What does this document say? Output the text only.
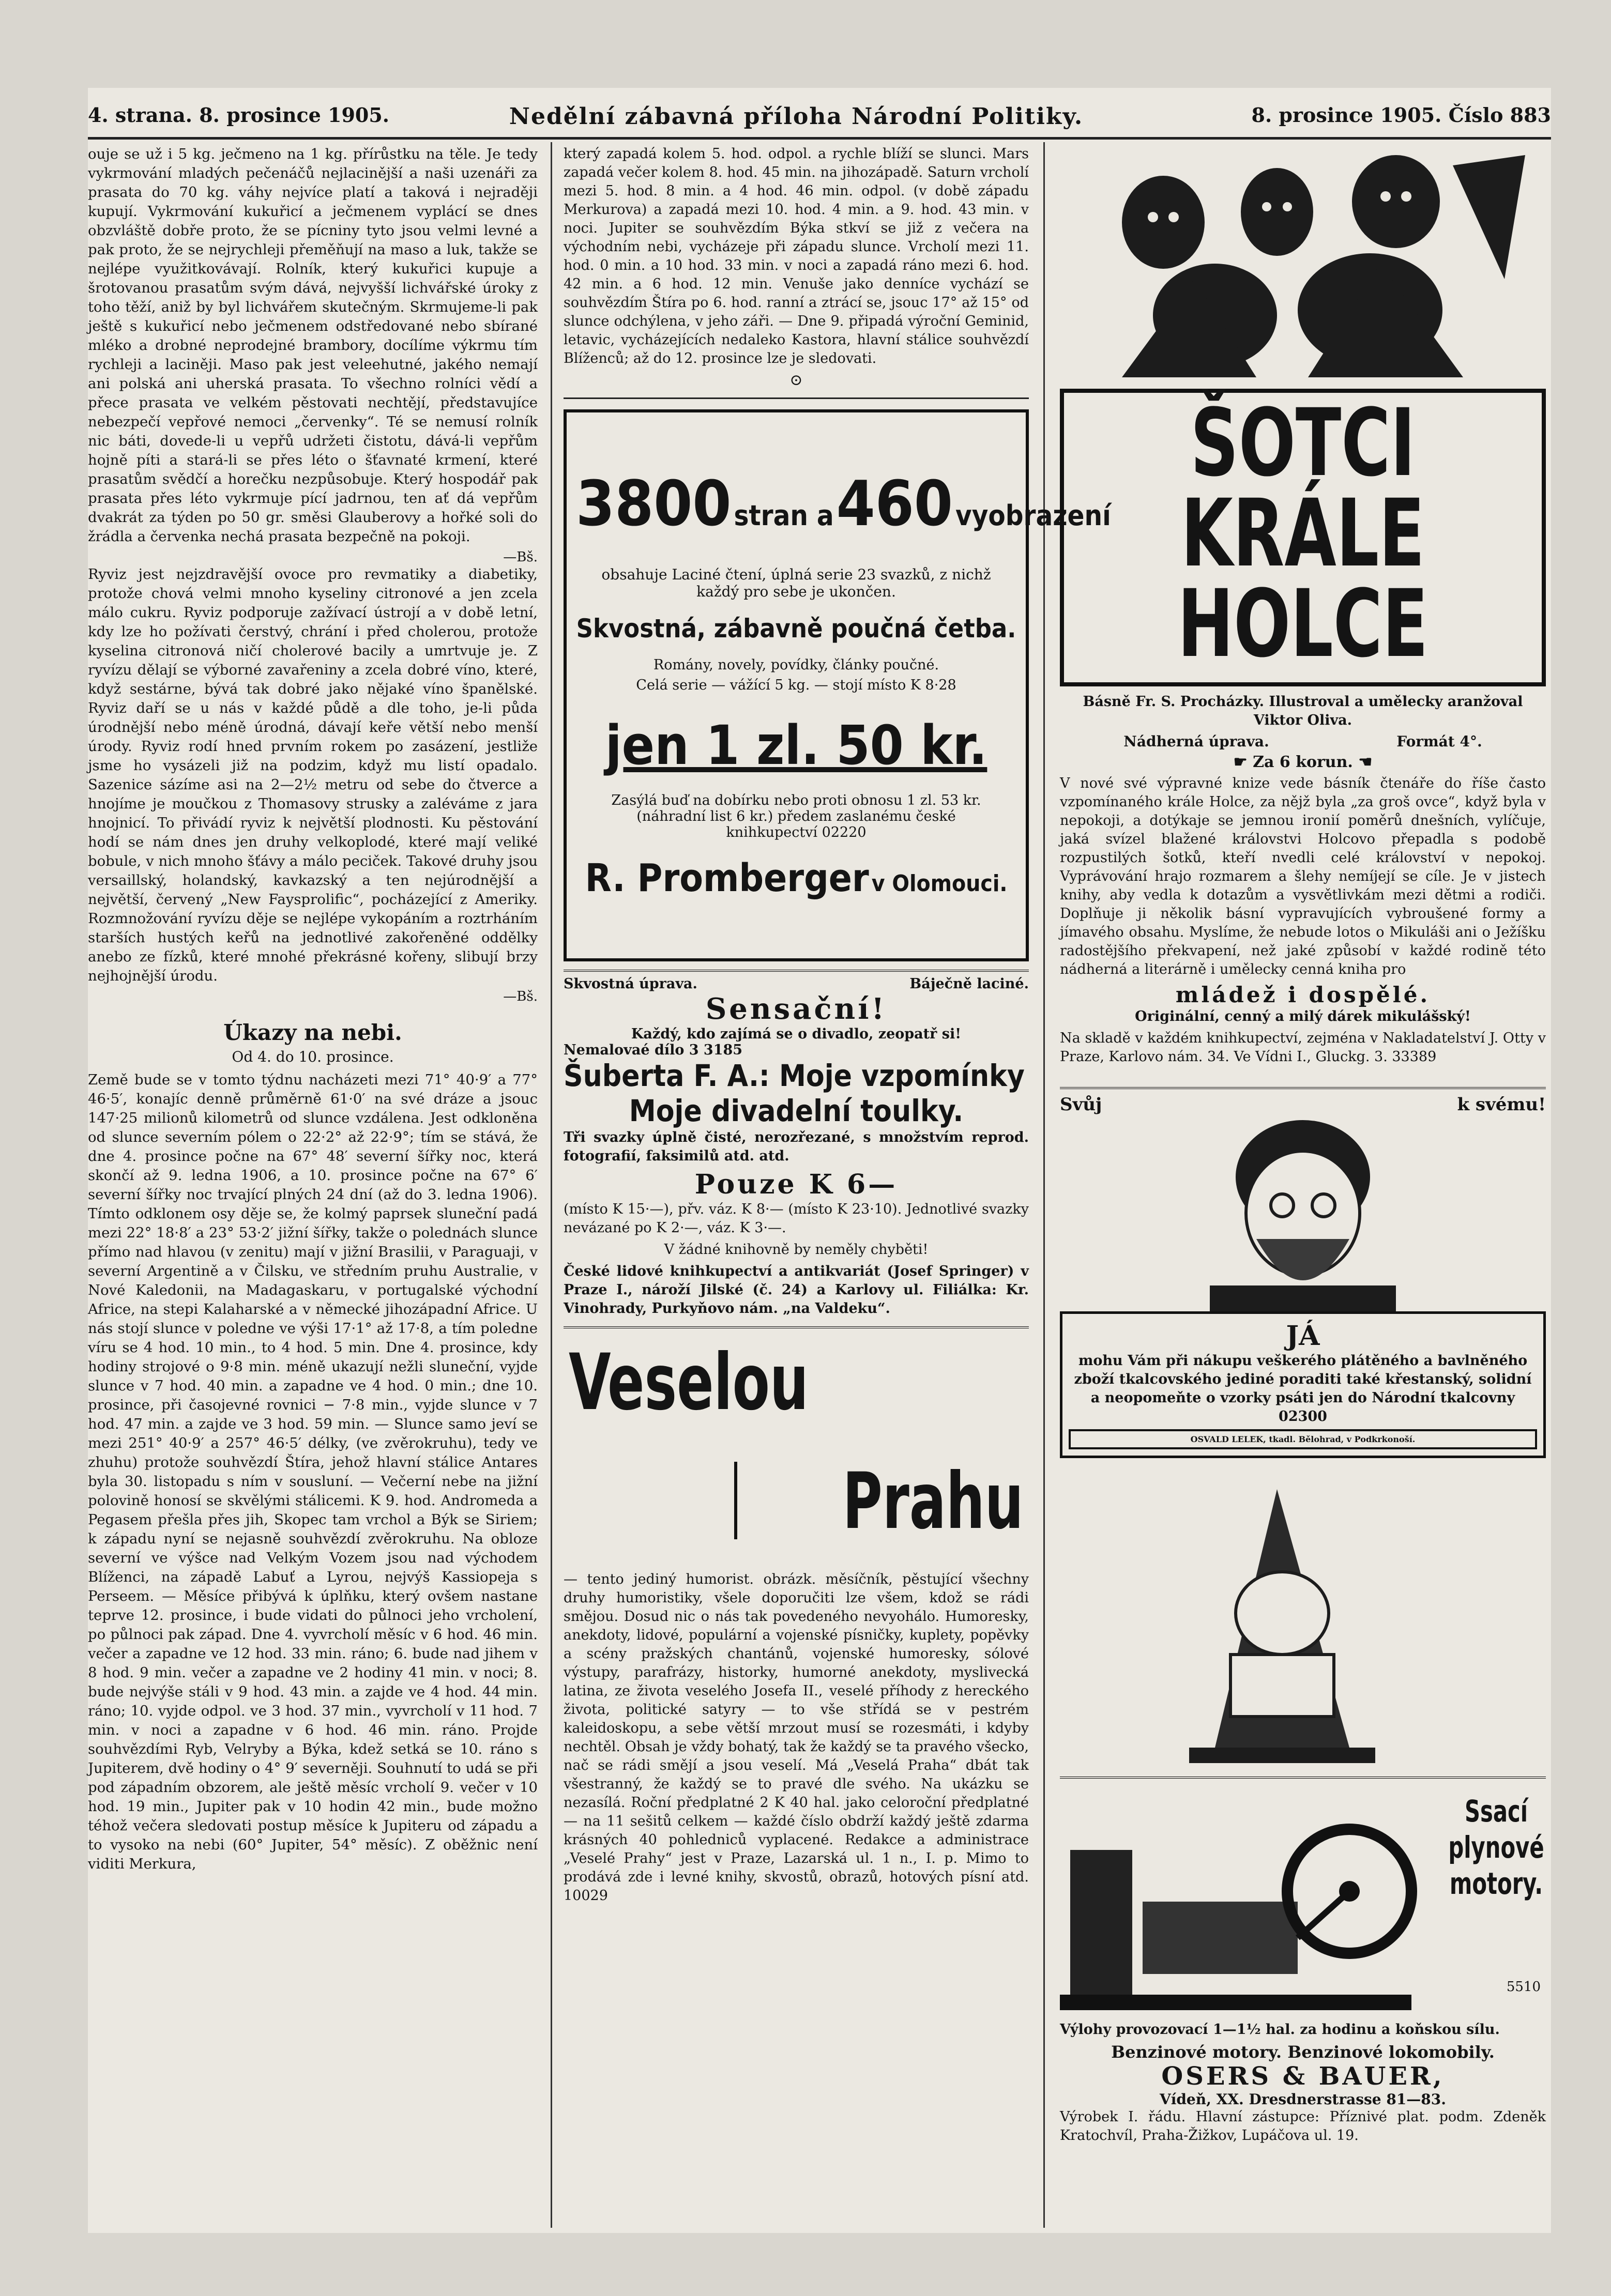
4. strana. 8. prosince 1905.	Nedělní zábavná příloha Národní Politiky.	8. prosince 1905. Číslo 883

ouje se už i 5 kg. ječmeno na 1 kg. přírůstku na těle. Je tedy vykrmování mladých pečenáčů nejlacinější a naši uzenáři za prasata do 70 kg. váhy nejvíce platí a taková i nejraději kupují. Vykrmování kukuřicí a ječmenem vyplácí se dnes obzvláště dobře proto, že se pícniny tyto jsou velmi levné a pak proto, že se nejrychleji přeměňují na maso a luk, takže se nejlépe využitkovávají. Rolník, který kukuřici kupuje a šrotovanou prasatům svým dává, nejvyšší lichvářské úroky z toho těží, aniž by byl lichvářem skutečným. Skrmujeme-li pak ještě s kukuřicí nebo ječmenem odstředované nebo sbírané mléko a drobné neprodejné brambory, docílíme výkrmu tím rychleji a laciněji. Maso pak jest veleehutné, jakého nemají ani polská ani uherská prasata. To všechno rolníci vědí a přece prasata ve velkém pěstovati nechtějí, představujíce nebezpečí vepřové nemoci „červenky“. Té se nemusí rolník nic báti, dovede-li u vepřů udržeti čistotu, dává-li vepřům hojně píti a stará-li se přes léto o šťavnaté krmení, které prasatům svědčí a horečku nezpůsobuje. Který hospodář pak prasata přes léto vykrmuje pící jadrnou, ten ať dá vepřům dvakrát za týden po 50 gr. směsi Glauberovy a hořké soli do žrádla a červenka nechá prasata bezpečně na pokoji.

—Bš.

Ryviz jest nejzdravější ovoce pro revmatiky a diabetiky, protože chová velmi mnoho kyseliny citronové a jen zcela málo cukru. Ryviz podporuje zažívací ústrojí a v době letní, kdy lze ho požívati čerstvý, chrání i před cholerou, protože kyselina citronová ničí cholerové bacily a umrtvuje je. Z ryvízu dělají se výborné zavařeniny a zcela dobré víno, které, když sestárne, bývá tak dobré jako nějaké víno španělské. Ryviz daří se u nás v každé půdě a dle toho, je-li půda úrodnější nebo méně úrodná, dávají keře větší nebo menší úrody. Ryviz rodí hned prvním rokem po zasázení, jestliže jsme ho vysázeli již na podzim, když mu listí opadalo. Sazenice sázíme asi na 2—2½ metru od sebe do čtverce a hnojíme je moučkou z Thomasovy strusky a zaléváme z jara hnojnicí. To přivádí ryviz k největší plodnosti. Ku pěstování hodí se nám dnes jen druhy velkoplodé, které mají veliké bobule, v nich mnoho šťávy a málo peciček. Takové druhy jsou versaillský, holandský, kavkazský a ten nejúrodnější a největší, červený „New Faysprolific“, pocházející z Ameriky. Rozmnožování ryvízu děje se nejlépe vykopáním a roztrháním starších hustých keřů na jednotlivé zakořeněné oddělky anebo ze fízků, které mnohé překrásné kořeny, slibují brzy nejhojnější úrodu.

—Bš.
Úkazy na nebi.
Od 4. do 10. prosince.

Země bude se v tomto týdnu nacházeti mezi 71° 40·9′ a 77° 46·5′, konajíc denně průměrně 61·0′ na své dráze a jsouc 147·25 milionů kilometrů od slunce vzdálena. Jest odkloněna od slunce severním pólem o 22·2° až 22·9°; tím se stává, že dne 4. prosince počne na 67° 48′ severní šířky noc, která skončí až 9. ledna 1906, a 10. prosince počne na 67° 6′ severní šířky noc trvající plných 24 dní (až do 3. ledna 1906). Tímto odklonem osy děje se, že kolmý paprsek sluneční padá mezi 22° 18·8′ a 23° 53·2′ jižní šířky, takže o polednách slunce přímo nad hlavou (v zenitu) mají v jižní Brasilii, v Paraguaji, v severní Argentině a v Čilsku, ve středním pruhu Australie, v Nové Kaledonii, na Madagaskaru, v portugalské východní Africe, na stepi Kalaharské a v německé jihozápadní Africe. U nás stojí slunce v poledne ve výši 17·1° až 17·8, a tím poledne víru se 4 hod. 10 min., to 4 hod. 5 min. Dne 4. prosince, kdy hodiny strojové o 9·8 min. méně ukazují nežli sluneční, vyjde slunce v 7 hod. 40 min. a zapadne ve 4 hod. 0 min.; dne 10. prosince, při časojevné rovnici − 7·8 min., vyjde slunce v 7 hod. 47 min. a zajde ve 3 hod. 59 min. — Slunce samo jeví se mezi 251° 40·9′ a 257° 46·5′ délky, (ve zvěrokruhu), tedy ve zhuhu) protože souhvězdí Štíra, jehož hlavní stálice Antares byla 30. listopadu s ním v sousluní. — Večerní nebe na jižní polovině honosí se skvělými stálicemi. K 9. hod. Andromeda a Pegasem přešla přes jih, Skopec tam vrchol a Býk se Siriem; k západu nyní se nejasně souhvězdí zvěrokruhu. Na obloze severní ve výšce nad Velkým Vozem jsou nad východem Blíženci, na západě Labuť a Lyrou, nejvýš Kassiopeja s Perseem. — Měsíce přibývá k úplňku, který ovšem nastane teprve 12. prosince, i bude vidati do půlnoci jeho vrcholení, po půlnoci pak západ. Dne 4. vyvrcholí měsíc v 6 hod. 46 min. večer a zapadne ve 12 hod. 33 min. ráno; 6. bude nad jihem v 8 hod. 9 min. večer a zapadne ve 2 hodiny 41 min. v noci; 8. bude nejvýše stáli v 9 hod. 43 min. a zajde ve 4 hod. 44 min. ráno; 10. vyjde odpol. ve 3 hod. 37 min., vyvrcholí v 11 hod. 7 min. v noci a zapadne v 6 hod. 46 min. ráno. Projde souhvězdími Ryb, Velryby a Býka, kdež setká se 10. ráno s Jupiterem, dvě hodiny o 4° 9′ severněji. Souhnutí to udá se při pod západním obzorem, ale ještě měsíc vrcholí 9. večer v 10 hod. 19 min., Jupiter pak v 10 hodin 42 min., bude možno téhož večera sledovati postup měsíce k Jupiteru od západu a to vysoko na nebi (60° Jupiter, 54° měsíc). Z oběžnic není viditi Merkura,

který zapadá kolem 5. hod. odpol. a rychle blíží se slunci. Mars zapadá večer kolem 8. hod. 45 min. na jihozápadě. Saturn vrcholí mezi 5. hod. 8 min. a 4 hod. 46 min. odpol. (v době západu Merkurova) a zapadá mezi 10. hod. 4 min. a 9. hod. 43 min. v noci. Jupiter se souhvězdím Býka stkví se již z večera na východním nebi, vycházeje při západu slunce. Vrcholí mezi 11. hod. 0 min. a 10 hod. 33 min. v noci a zapadá ráno mezi 6. hod. 42 min. a 6 hod. 12 min. Venuše jako denníce vychází se souhvězdím Štíra po 6. hod. ranní a ztrácí se, jsouc 17° až 15° od slunce odchýlena, v jeho záři. — Dne 9. připadá výroční Geminid, letavic, vycházejících nedaleko Kastora, hlavní stálice souhvězdí Blíženců; až do 12. prosince lze je sledovati.

⊙
3800 stran a 460 vyobrazení

obsahuje Laciné čtení, úplná serie 23 svazků, z nichž každý pro sebe je ukončen.

Skvostná, zábavně poučná četba.

Romány, novely, povídky, články poučné.

Celá serie — vážící 5 kg. — stojí místo K 8·28

jen 1 zl. 50 kr.

Zasýlá buď na dobírku nebo proti obnosu 1 zl. 53 kr. (náhradní list 6 kr.) předem zaslanému české knihkupectví 02220

R. Promberger v Olomouci.
Skvostná úprava.	Báječně laciné.
Sensační!
Každý, kdo zajímá se o divadlo, zeopatř si!
Nemalovaé dílo 3 3185
Šuberta F. A.: Moje vzpomínky
Moje divadelní toulky.

Tři svazky úplně čisté, nerozřezané, s množstvím reprod. fotografií, faksimilů atd. atd.

Pouze K 6—

(místo K 15·—), přv. váz. K 8·— (místo K 23·10). Jednotlivé svazky nevázané po K 2·—, váz. K 3·—.

V žádné knihovně by neměly chyběti!

České lidové knihkupectví a antikvariát (Josef Springer) v Praze I., nároží Jilské (č. 24) a Karlovy ul. Filiálka: Kr. Vinohrady, Purkyňovo nám. „na Valdeku“.

Veselou
Prahu

— tento jediný humorist. obrázk. měsíčník, pěstující všechny druhy humoristiky, všele doporučiti lze všem, kdož se rádi smějou. Dosud nic o nás tak povedeného nevyohálo. Humoresky, anekdoty, lidové, populární a vojenské písničky, kuplety, popěvky a scény pražských chantánů, vojenské humoresky, sólové výstupy, parafrázy, historky, humorné anekdoty, myslivecká latina, ze života veselého Josefa II., veselé příhody z hereckého života, politické satyry — to vše střídá se v pestrém kaleidoskopu, a sebe větší mrzout musí se rozesmáti, i kdyby nechtěl. Obsah je vždy bohatý, tak že každý se ta pravého všecko, nač se rádi smějí a jsou veselí. Má „Veselá Praha“ dbát tak všestranný, že každý se to pravé dle svého. Na ukázku se nezasílá. Roční předplatné 2 K 40 hal. jako celoroční předplatné — na 11 sešitů celkem — každé číslo obdrží každý ještě zdarma krásných 40 pohledniců vyplacené. Redakce a administrace „Veselé Prahy“ jest v Praze, Lazarská ul. 1 n., I. p. Mimo to prodává zde i levné knihy, skvostů, obrazů, hotových písní atd. 10029

ŠOTCI
KRÁLE
HOLCE

Básně Fr. S. Procházky. Illustroval a umělecky aranžoval Viktor Oliva.

Nádherná úprava.	Formát 4°.
☛ Za 6 korun. ☚

V nové své výpravné knize vede básník čtenáře do říše často vzpomínaného krále Holce, za nějž byla „za groš ovce“, když byla v nepokoji, a dotýkaje se jemnou ironií poměrů dnešních, vylíčuje, jaká svízel blažené královstvi Holcovo přepadla s podobě rozpustilých šotků, kteří nvedli celé království v nepokoj. Vyprávování hrajo rozmarem a šlehy nemíjejí se cíle. Je v jistech knihy, aby vedla k dotazům a vysvětlivkám mezi dětmi a rodiči. Doplňuje ji několik básní vypravujících vybroušené formy a jímavého obsahu. Myslíme, že nebude lotos o Mikuláši ani o Ježíšku radostějšího překvapení, než jaké způsobí v každé rodině této nádherná a literárně i umělecky cenná kniha pro

mládež i dospělé.

Originální, cenný a milý dárek mikulášský!

Na skladě v každém knihkupectví, zejména v Nakladatelství J. Otty v Praze, Karlovo nám. 34. Ve Vídni I., Gluckg. 3. 33389

Svůj	k svému!
JÁ

mohu Vám při nákupu veškerého plátěného a bavlněného zboží tkalcovského jediné poraditi také křestanský, solidní a neopomeňte o vzorky psáti jen do Národní tkalcovny 02300

OSVALD LELEK, tkadl. Bělohrad, v Podkrkonoší.
Ssací
plynové
motory.
5510

Výlohy provozovací 1—1½ hal. za hodinu a koňskou sílu.

Benzinové motory. Benzinové lokomobily.
OSERS & BAUER,
Vídeň, XX. Dresdnerstrasse 81—83.

Výrobek I. řádu. Hlavní zástupce: Příznivé plat. podm. Zdeněk Kratochvíl, Praha-Žižkov, Lupáčova ul. 19.
